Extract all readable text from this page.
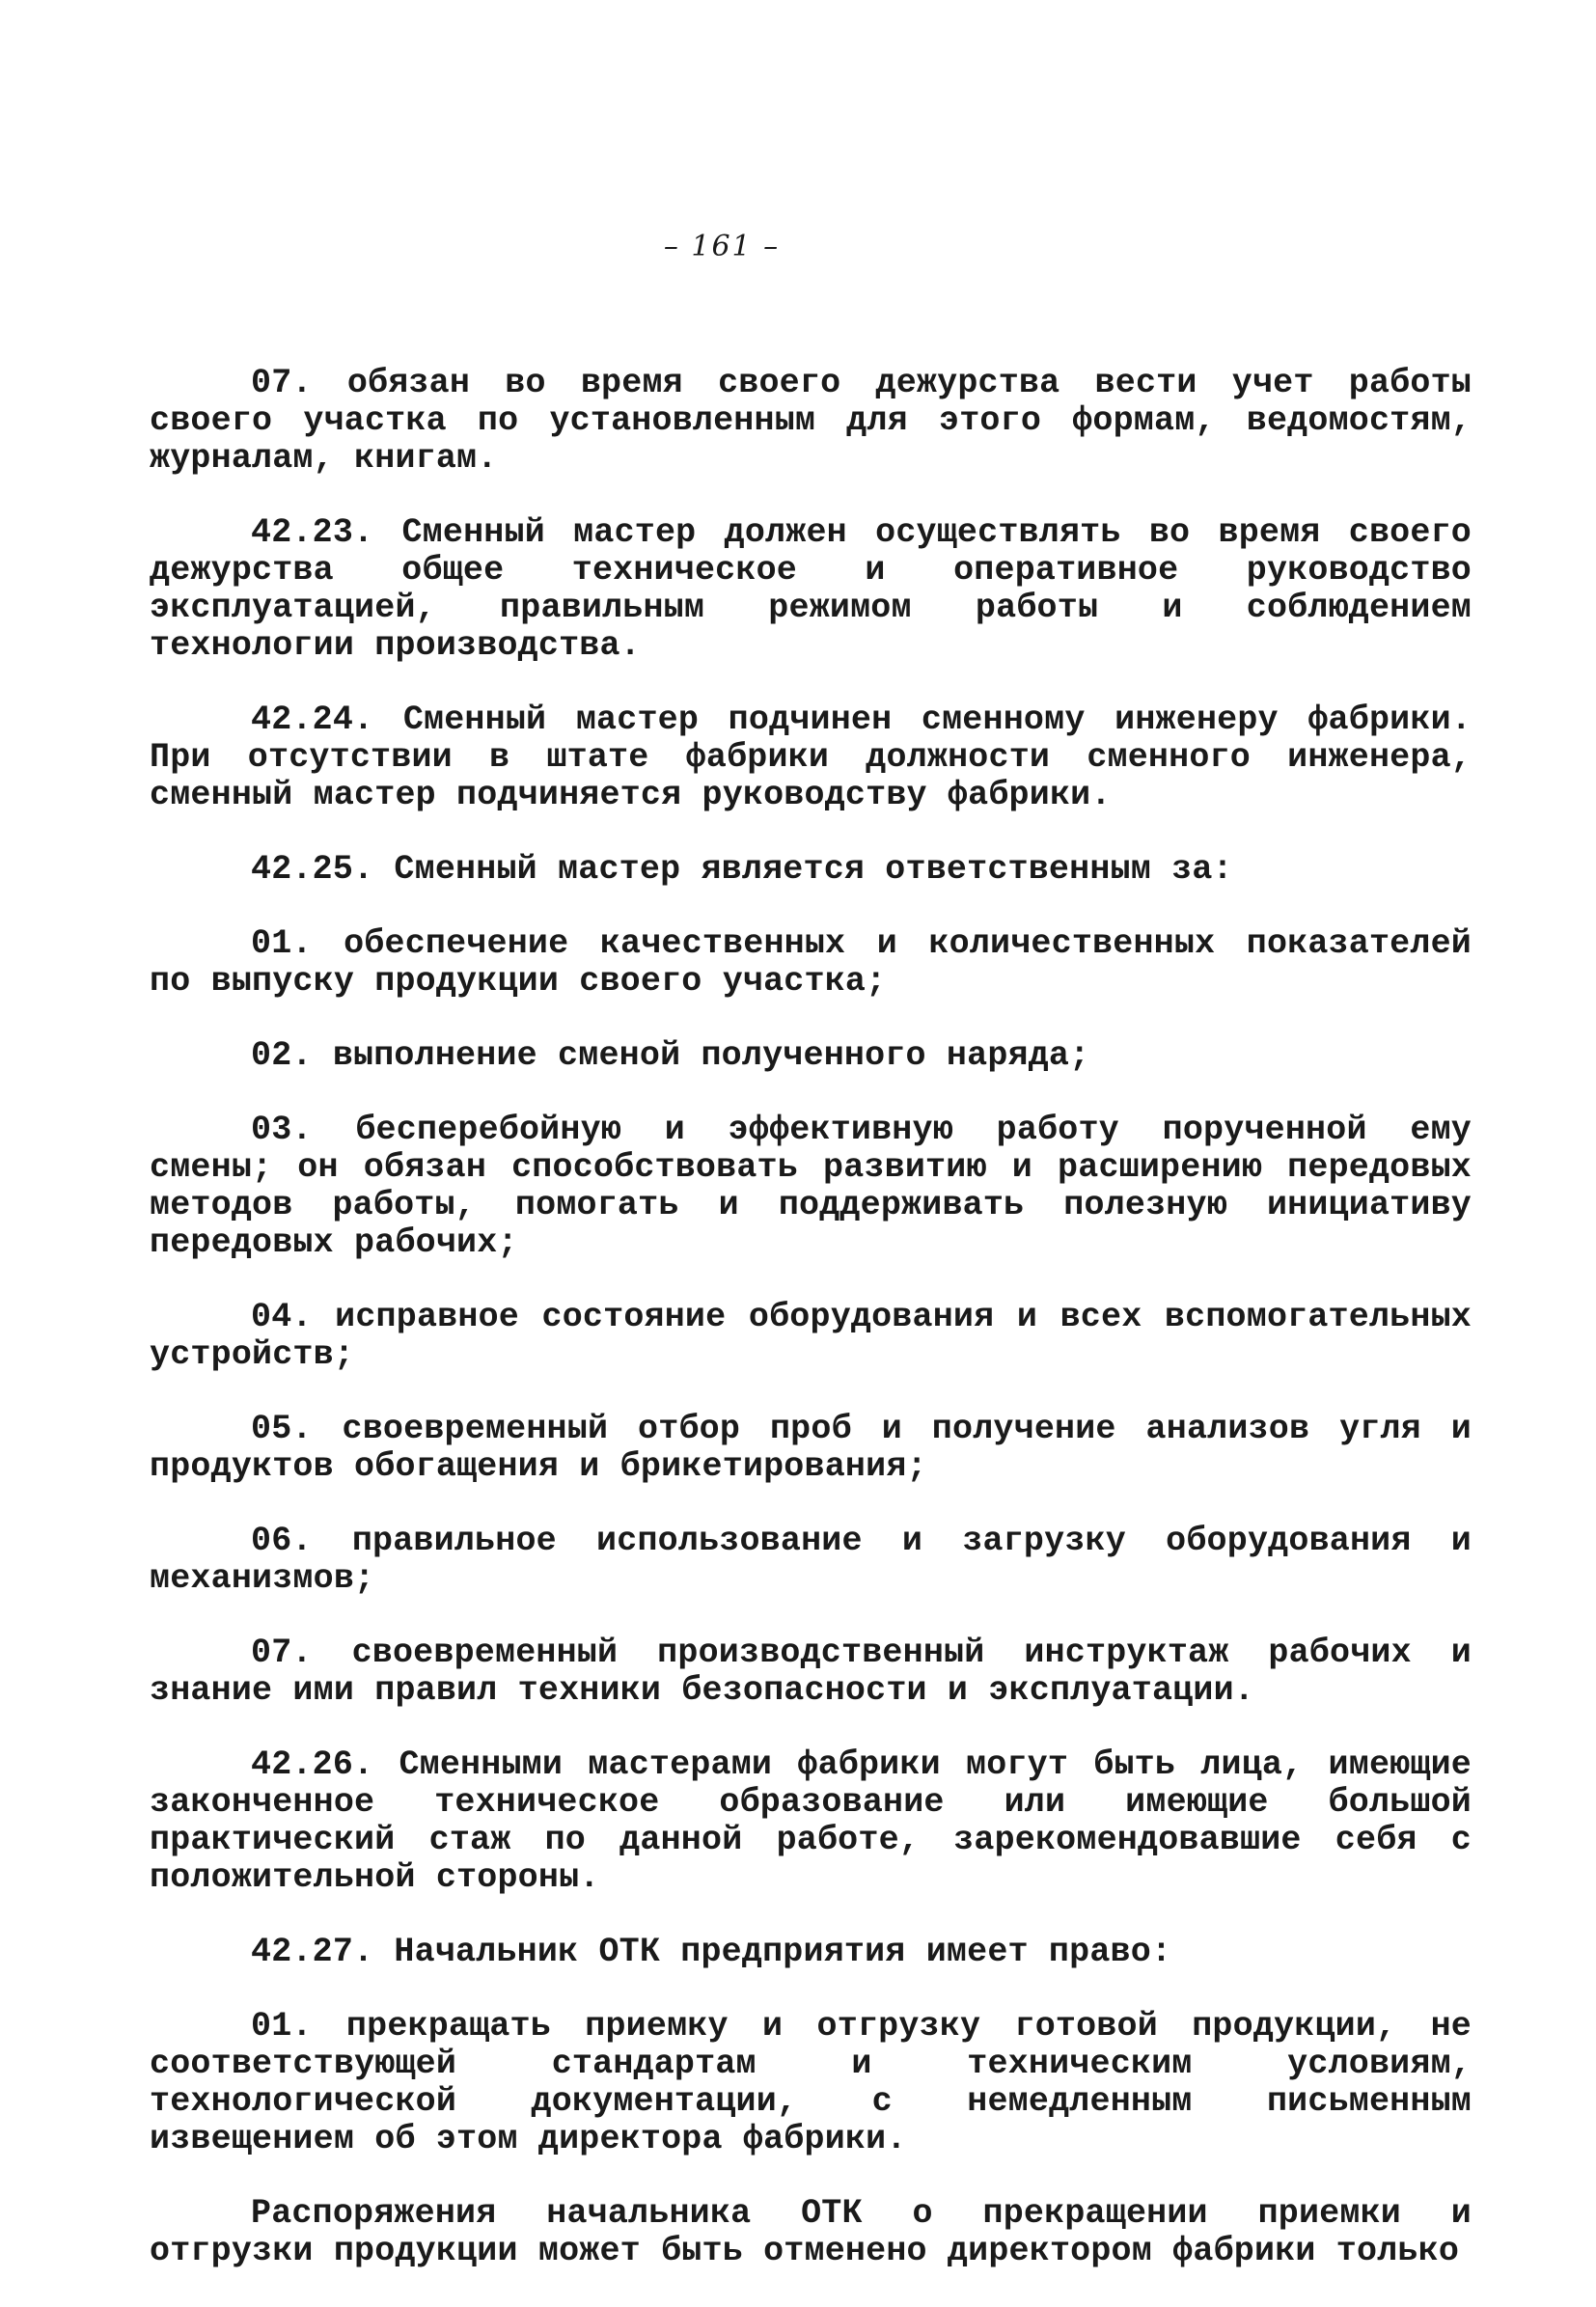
– 161 –

07. обязан во время своего дежурства вести учет работы своего участка по установленным для этого формам, ведомостям, журналам, книгам.

42.23. Сменный мастер должен осуществлять во время своего дежурства общее техническое и оперативное руководство эксплуатацией, правильным режимом работы и соблюдением технологии производства.

42.24. Сменный мастер подчинен сменному инженеру фабрики. При отсутствии в штате фабрики должности сменного инженера, сменный мастер подчиняется руководству фабрики.

42.25. Сменный мастер является ответственным за:

01. обеспечение качественных и количественных показателей по выпуску продукции своего участка;

02. выполнение сменой полученного наряда;

03. бесперебойную и эффективную работу порученной ему смены; он обязан способствовать развитию и расширению передовых методов работы, помогать и поддерживать полезную инициативу передовых рабочих;

04. исправное состояние оборудования и всех вспомогательных устройств;

05. своевременный отбор проб и получение анализов угля и продуктов обогащения и брикетирования;

06. правильное использование и загрузку оборудования и механизмов;

07. своевременный производственный инструктаж рабочих и знание ими правил техники безопасности и эксплуатации.

42.26. Сменными мастерами фабрики могут быть лица, имеющие законченное техническое образование или имеющие большой практический стаж по данной работе, зарекомендовавшие себя с положительной стороны.

42.27. Начальник ОТК предприятия имеет право:

01. прекращать приемку и отгрузку готовой продукции, не соответствующей стандартам и техническим условиям, технологической документации, с немедленным письменным извещением об этом директора фабрики.

Распоряжения начальника ОТК о прекращении приемки и отгрузки продукции может быть отменено директором фабрики только
